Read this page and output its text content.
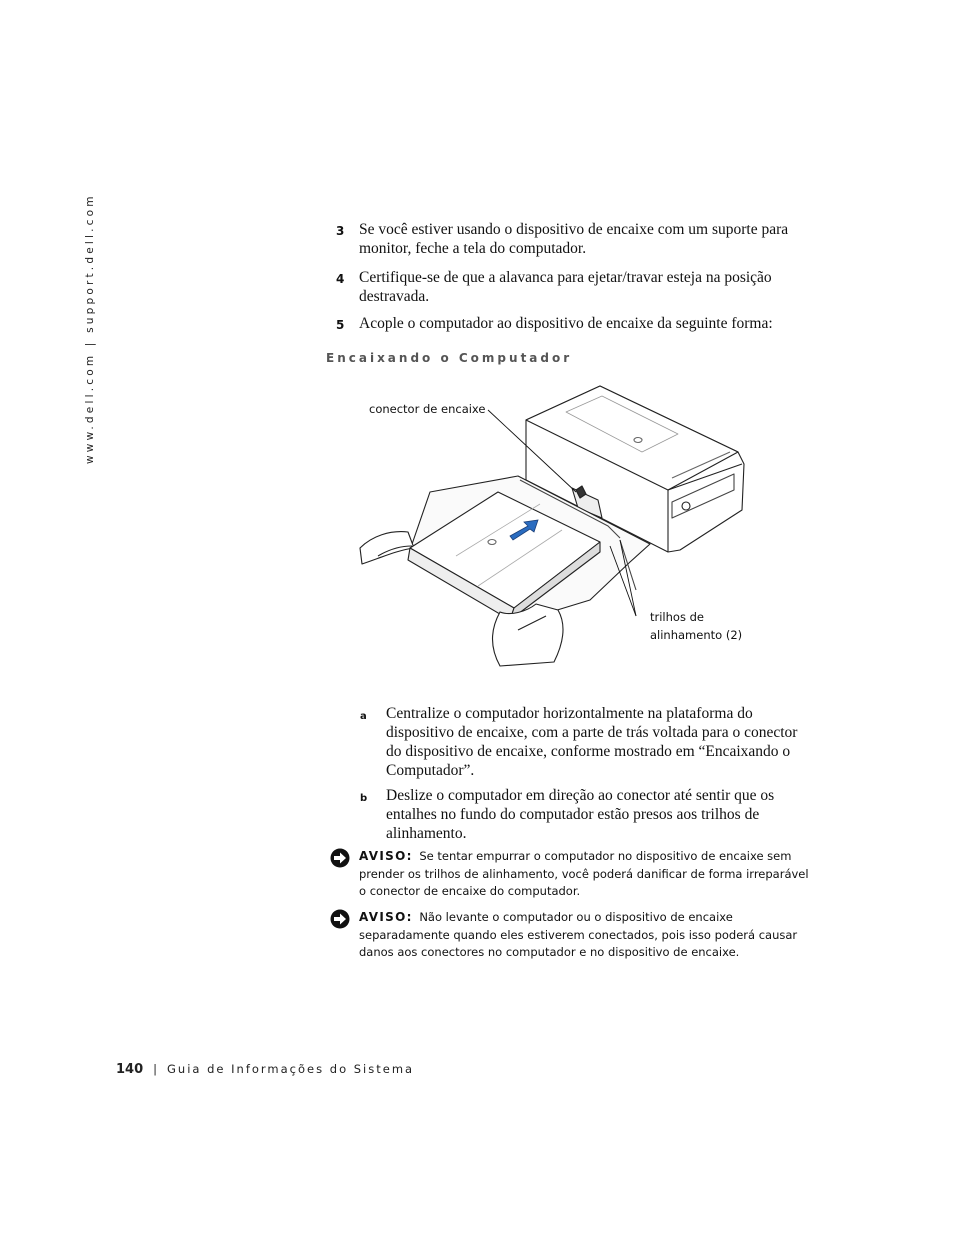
www.dell.com | support.dell.com	3 Se você estiver usando o dispositivo de encaixe com um suporte para monitor, feche a tela do computador.
4 Certifique-se de que a alavanca para ejetar/travar esteja na posição destravada.
5 Acople o computador ao dispositivo de encaixe da seguinte forma:
Encaixando o Computador
conector de encaixe
trilhos de
alinhamento (2)
a Centralize o computador horizontalmente na plataforma do dispositivo de encaixe, com a parte de trás voltada para o conector do dispositivo de encaixe, conforme mostrado em “Encaixando o Computador”.
b Deslize o computador em direção ao conector até sentir que os entalhes no fundo do computador estão presos aos trilhos de alinhamento.
AVISO: Se tentar empurrar o computador no dispositivo de encaixe sem prender os trilhos de alinhamento, você poderá danificar de forma irreparável o conector de encaixe do computador.
AVISO: Não levante o computador ou o dispositivo de encaixe separadamente quando eles estiverem conectados, pois isso poderá causar danos aos conectores no computador e no dispositivo de encaixe.
140 | Guia de Informações do Sistema
